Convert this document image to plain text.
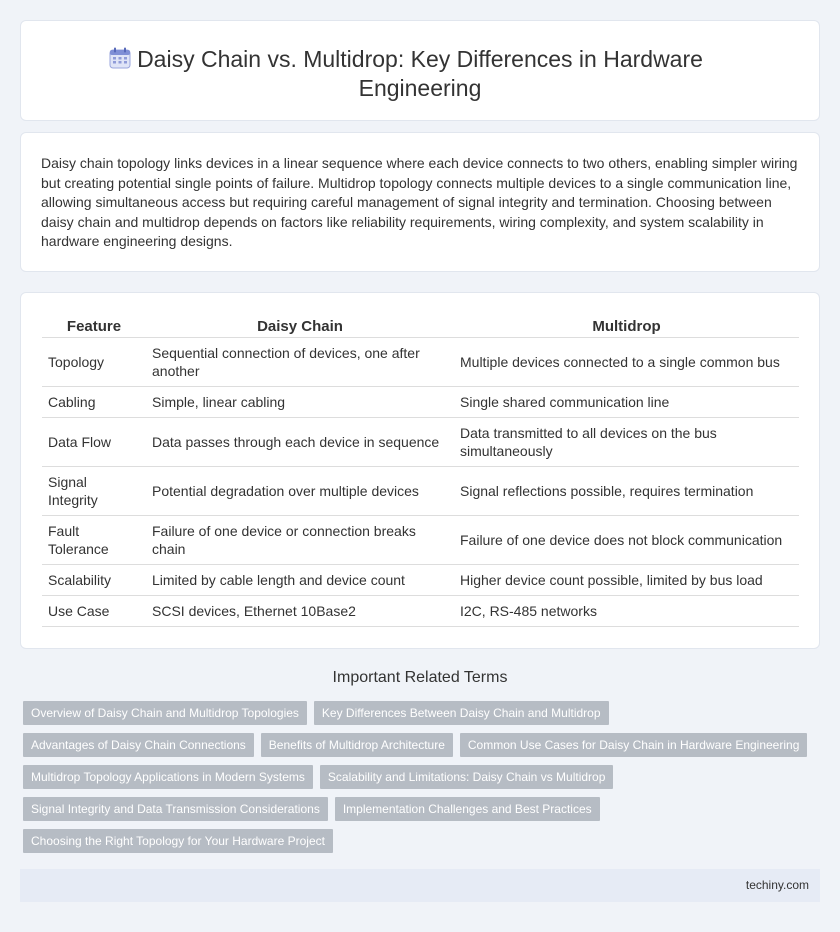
Daisy Chain vs. Multidrop: Key Differences in Hardware Engineering

Daisy chain topology links devices in a linear sequence where each device connects to two others, enabling simpler wiring but creating potential single points of failure. Multidrop topology connects multiple devices to a single communication line, allowing simultaneous access but requiring careful management of signal integrity and termination. Choosing between daisy chain and multidrop depends on factors like reliability requirements, wiring complexity, and system scalability in hardware engineering designs.

Feature	Daisy Chain	Multidrop
Topology	Sequential connection of devices, one after another	Multiple devices connected to a single common bus
Cabling	Simple, linear cabling	Single shared communication line
Data Flow	Data passes through each device in sequence	Data transmitted to all devices on the bus simultaneously
Signal Integrity	Potential degradation over multiple devices	Signal reflections possible, requires termination
Fault Tolerance	Failure of one device or connection breaks chain	Failure of one device does not block communication
Scalability	Limited by cable length and device count	Higher device count possible, limited by bus load
Use Case	SCSI devices, Ethernet 10Base2	I2C, RS-485 networks
Important Related Terms
Overview of Daisy Chain and Multidrop Topologies	Key Differences Between Daisy Chain and Multidrop
Advantages of Daisy Chain Connections	Benefits of Multidrop Architecture	Common Use Cases for Daisy Chain in Hardware Engineering
Multidrop Topology Applications in Modern Systems	Scalability and Limitations: Daisy Chain vs Multidrop
Signal Integrity and Data Transmission Considerations	Implementation Challenges and Best Practices
Choosing the Right Topology for Your Hardware Project
techiny.com
